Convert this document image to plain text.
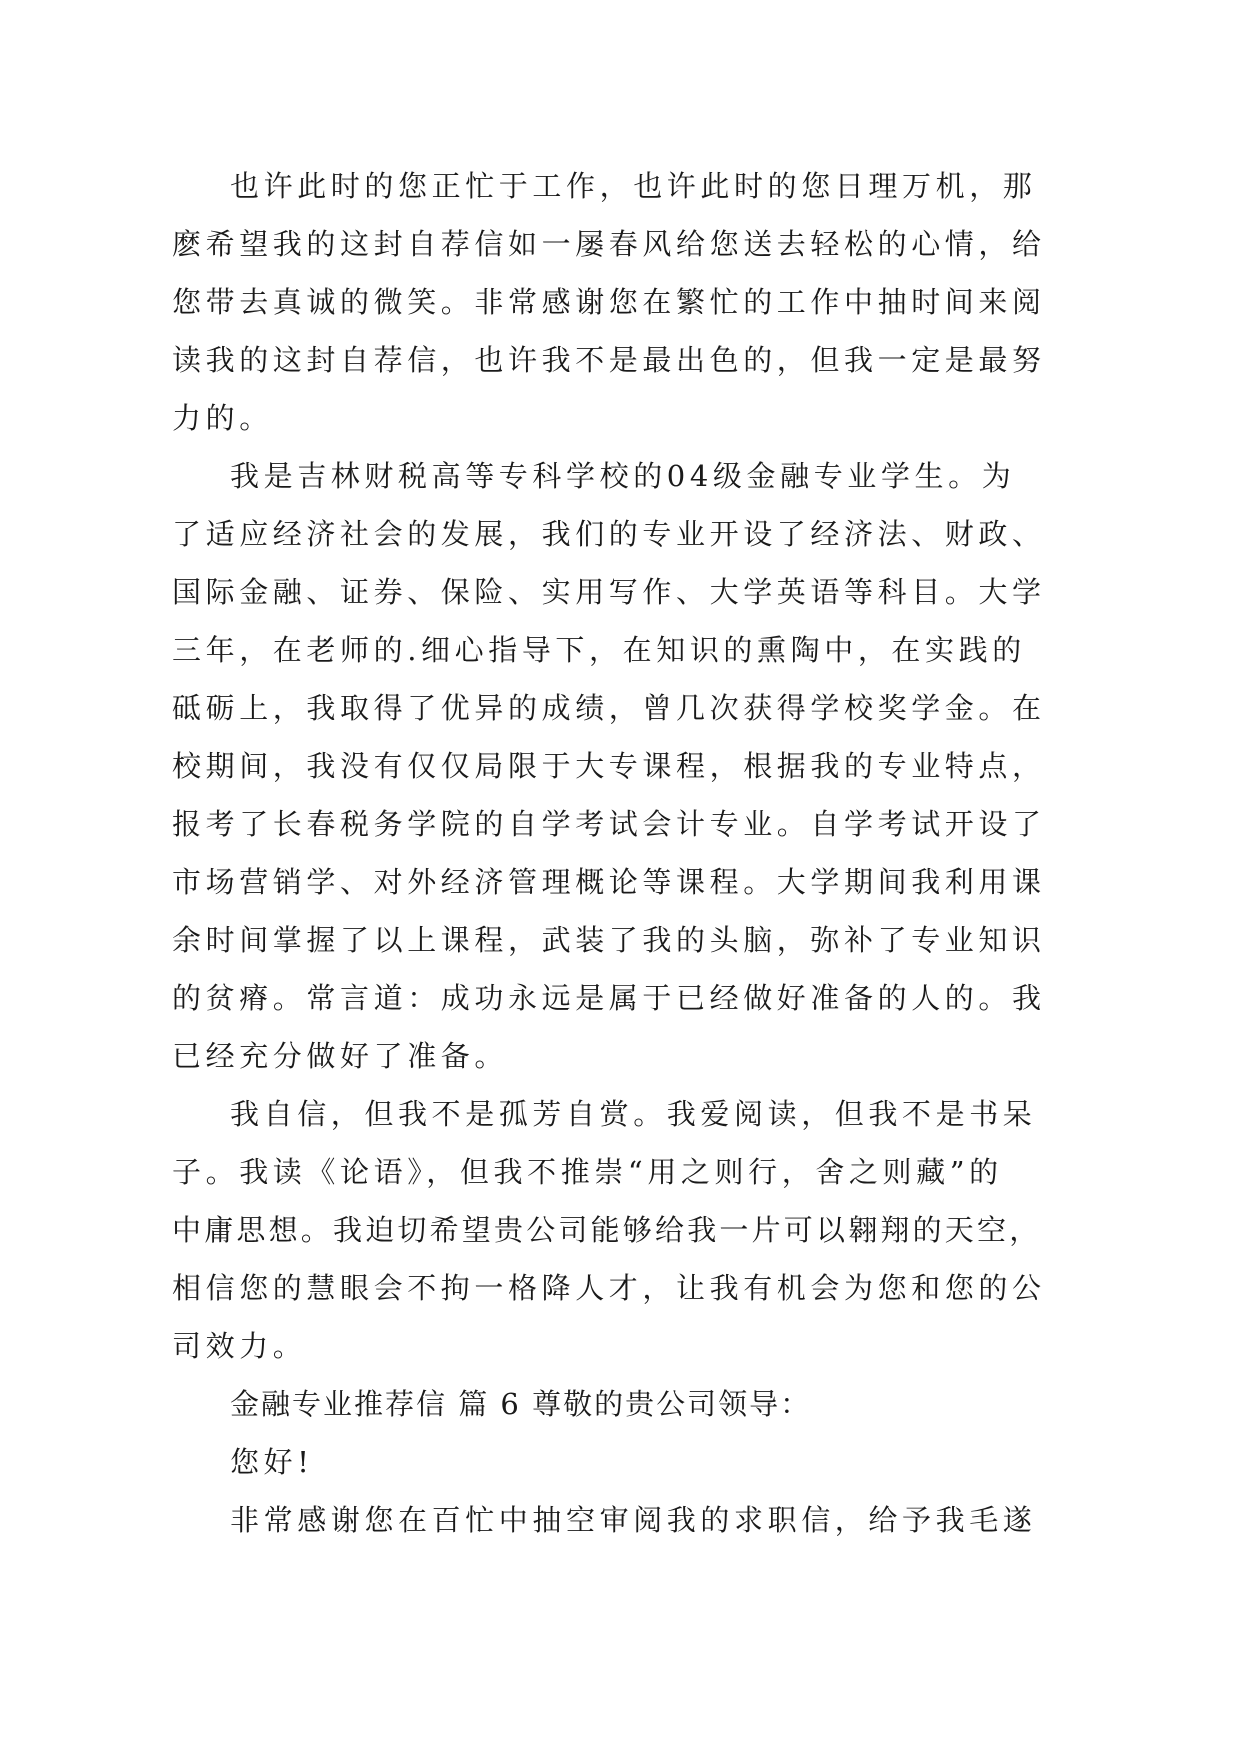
也许此时的您正忙于工作，也许此时的您日理万机，那
麽希望我的这封自荐信如一屡春风给您送去轻松的心情，给
您带去真诚的微笑。非常感谢您在繁忙的工作中抽时间来阅
读我的这封自荐信，也许我不是最出色的，但我一定是最努
力的。
我是吉林财税高等专科学校的04级金融专业学生。为
了适应经济社会的发展，我们的专业开设了经济法、财政、
国际金融、证券、保险、实用写作、大学英语等科目。大学
三年，在老师的.细心指导下，在知识的熏陶中，在实践的
砥砺上，我取得了优异的成绩，曾几次获得学校奖学金。在
校期间，我没有仅仅局限于大专课程，根据我的专业特点，
报考了长春税务学院的自学考试会计专业。自学考试开设了
市场营销学、对外经济管理概论等课程。大学期间我利用课
余时间掌握了以上课程，武装了我的头脑，弥补了专业知识
的贫瘠。常言道：成功永远是属于已经做好准备的人的。我
已经充分做好了准备。
我自信，但我不是孤芳自赏。我爱阅读，但我不是书呆
子。我读《论语》，但我不推崇“用之则行，舍之则藏”的
中庸思想。我迫切希望贵公司能够给我一片可以翱翔的天空，
相信您的慧眼会不拘一格降人才，让我有机会为您和您的公
司效力。
金融专业推荐信 篇 6 尊敬的贵公司领导：
您好!
非常感谢您在百忙中抽空审阅我的求职信，给予我毛遂
